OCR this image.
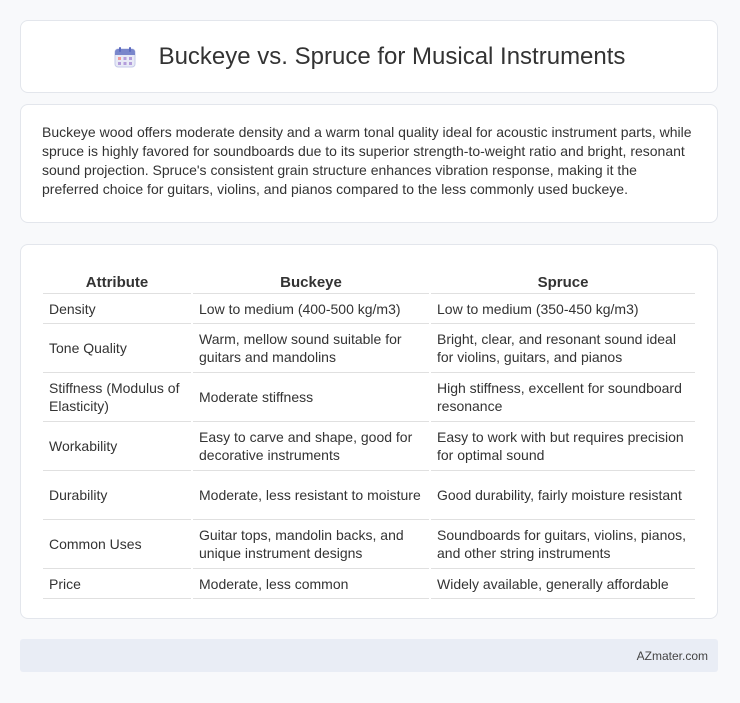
Buckeye vs. Spruce for Musical Instruments

Buckeye wood offers moderate density and a warm tonal quality ideal for acoustic instrument parts, while spruce is highly favored for soundboards due to its superior strength-to-weight ratio and bright, resonant sound projection. Spruce's consistent grain structure enhances vibration response, making it the preferred choice for guitars, violins, and pianos compared to the less commonly used buckeye.

Attribute	Buckeye	Spruce
Density	Low to medium (400-500 kg/m3)	Low to medium (350-450 kg/m3)
Tone Quality	Warm, mellow sound suitable for guitars and mandolins	Bright, clear, and resonant sound ideal for violins, guitars, and pianos
Stiffness (Modulus of Elasticity)	Moderate stiffness	High stiffness, excellent for soundboard resonance
Workability	Easy to carve and shape, good for decorative instruments	Easy to work with but requires precision for optimal sound
Durability	Moderate, less resistant to moisture	Good durability, fairly moisture resistant
Common Uses	Guitar tops, mandolin backs, and unique instrument designs	Soundboards for guitars, violins, pianos, and other string instruments
Price	Moderate, less common	Widely available, generally affordable
AZmater.com
